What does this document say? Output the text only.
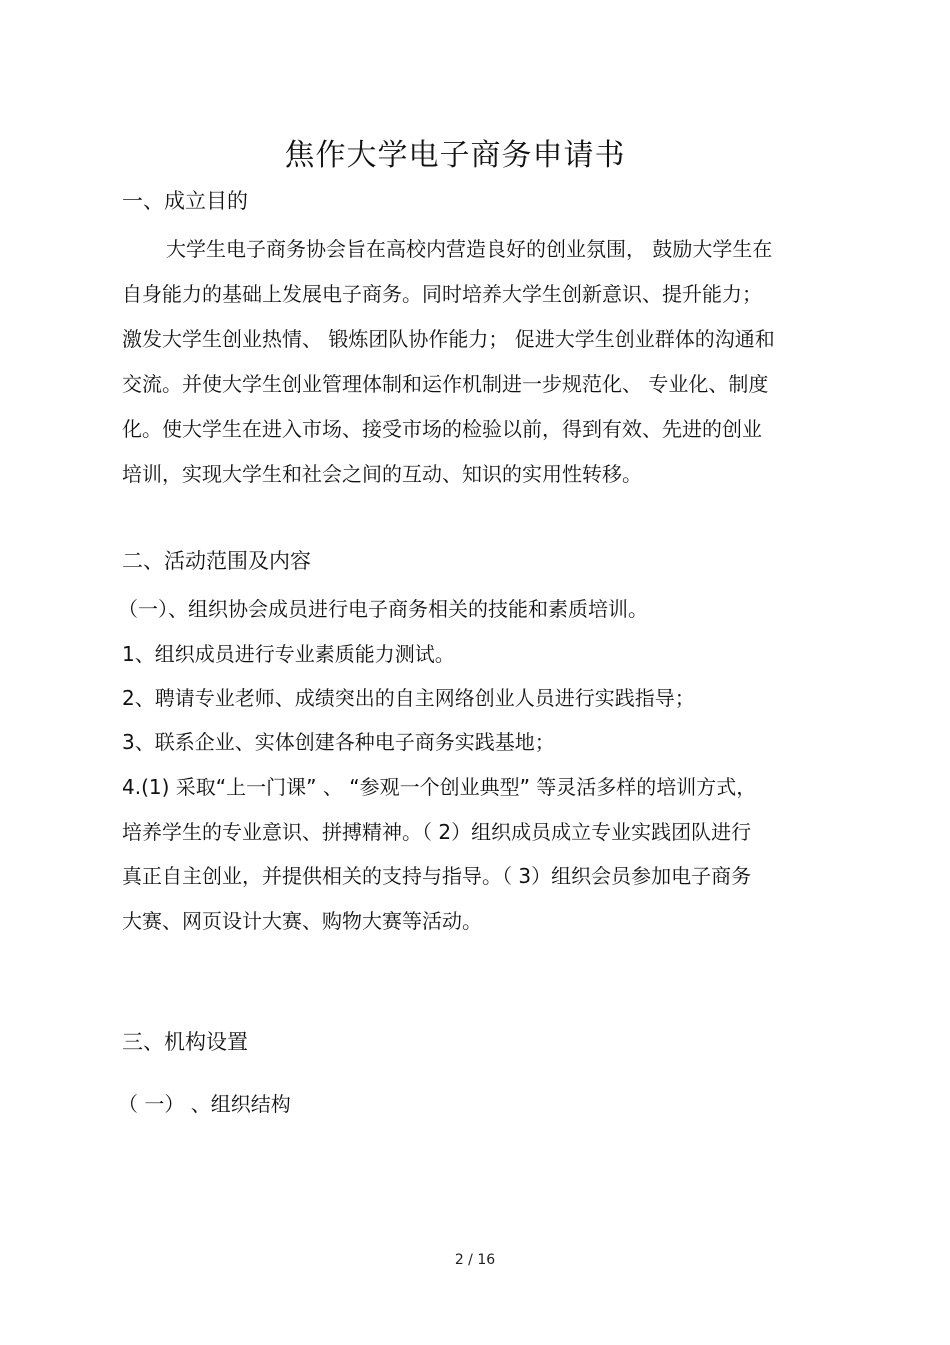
焦作大学电子商务申请书
一、成立目的
大学生电子商务协会旨在高校内营造良好的创业氛围， 鼓励大学生在
自身能力的基础上发展电子商务。同时培养大学生创新意识、提升能力；
激发大学生创业热情、 锻炼团队协作能力； 促进大学生创业群体的沟通和
交流。并使大学生创业管理体制和运作机制进一步规范化、 专业化、制度
化。使大学生在进入市场、接受市场的检验以前，得到有效、先进的创业
培训，实现大学生和社会之间的互动、知识的实用性转移。
二、活动范围及内容
（一）、组织协会成员进行电子商务相关的技能和素质培训。
1、组织成员进行专业素质能力测试。
2、聘请专业老师、成绩突出的自主网络创业人员进行实践指导；
3、联系企业、实体创建各种电子商务实践基地；
4.(1) 采取“上一门课” 、 “参观一个创业典型” 等灵活多样的培训方式，
培养学生的专业意识、拼搏精神。（ 2）组织成员成立专业实践团队进行
真正自主创业，并提供相关的支持与指导。（ 3）组织会员参加电子商务
大赛、网页设计大赛、购物大赛等活动。
三、机构设置
（ 一） 、组织结构
2 / 16
